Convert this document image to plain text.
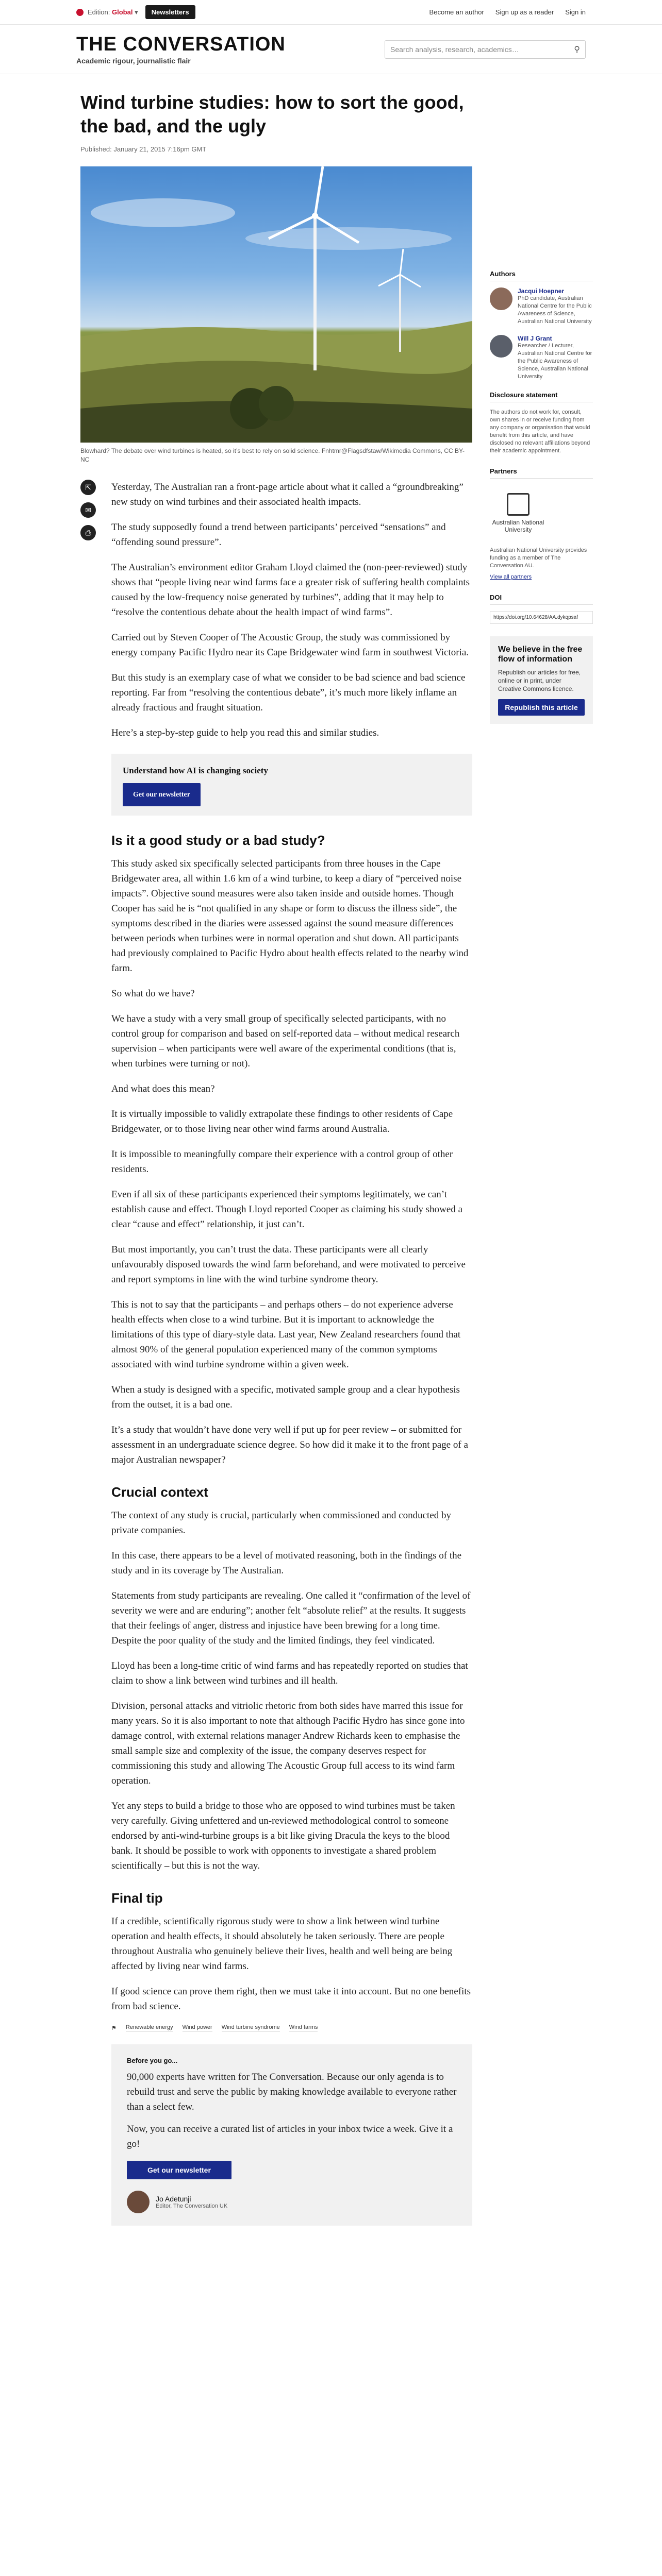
Edition: Global ▾	Newsletters	Become an author Sign up as a reader Sign in
THE CONVERSATION
Academic rigour, journalistic flair
Search analysis, research, academics…	⚲
Wind turbine studies: how to sort the good, the bad, and the ugly
Published: January 21, 2015 7:16pm GMT
Blowhard? The debate over wind turbines is heated, so it’s best to rely on solid science. Fnhtmr@Flagsdfstaw/Wikimedia Commons, CC BY-NC
⇱
✉
⎙

Yesterday, The Australian ran a front-page article about what it called a “groundbreaking” new study on wind turbines and their associated health impacts.

The study supposedly found a trend between participants’ perceived “sensations” and “offending sound pressure”.

The Australian’s environment editor Graham Lloyd claimed the (non-peer-reviewed) study shows that “people living near wind farms face a greater risk of suffering health complaints caused by the low-frequency noise generated by turbines”, adding that it may help to “resolve the contentious debate about the health impact of wind farms”.

Carried out by Steven Cooper of The Acoustic Group, the study was commissioned by energy company Pacific Hydro near its Cape Bridgewater wind farm in southwest Victoria.

But this study is an exemplary case of what we consider to be bad science and bad science reporting. Far from “resolving the contentious debate”, it’s much more likely inflame an already fractious and fraught situation.

Here’s a step-by-step guide to help you read this and similar studies.

Understand how AI is changing society
Get our newsletter
Is it a good study or a bad study?

This study asked six specifically selected participants from three houses in the Cape Bridgewater area, all within 1.6 km of a wind turbine, to keep a diary of “perceived noise impacts”. Objective sound measures were also taken inside and outside homes. Though Cooper has said he is “not qualified in any shape or form to discuss the illness side”, the symptoms described in the diaries were assessed against the sound measure differences between periods when turbines were in normal operation and shut down. All participants had previously complained to Pacific Hydro about health effects related to the nearby wind farm.

So what do we have?

We have a study with a very small group of specifically selected participants, with no control group for comparison and based on self-reported data – without medical research supervision – when participants were well aware of the experimental conditions (that is, when turbines were turning or not).

And what does this mean?

It is virtually impossible to validly extrapolate these findings to other residents of Cape Bridgewater, or to those living near other wind farms around Australia.

It is impossible to meaningfully compare their experience with a control group of other residents.

Even if all six of these participants experienced their symptoms legitimately, we can’t establish cause and effect. Though Lloyd reported Cooper as claiming his study showed a clear “cause and effect” relationship, it just can’t.

But most importantly, you can’t trust the data. These participants were all clearly unfavourably disposed towards the wind farm beforehand, and were motivated to perceive and report symptoms in line with the wind turbine syndrome theory.

This is not to say that the participants – and perhaps others – do not experience adverse health effects when close to a wind turbine. But it is important to acknowledge the limitations of this type of diary-style data. Last year, New Zealand researchers found that almost 90% of the general population experienced many of the common symptoms associated with wind turbine syndrome within a given week.

When a study is designed with a specific, motivated sample group and a clear hypothesis from the outset, it is a bad one.

It’s a study that wouldn’t have done very well if put up for peer review – or submitted for assessment in an undergraduate science degree. So how did it make it to the front page of a major Australian newspaper?

Crucial context

The context of any study is crucial, particularly when commissioned and conducted by private companies.

In this case, there appears to be a level of motivated reasoning, both in the findings of the study and in its coverage by The Australian.

Statements from study participants are revealing. One called it “confirmation of the level of severity we were and are enduring”; another felt “absolute relief” at the results. It suggests that their feelings of anger, distress and injustice have been brewing for a long time. Despite the poor quality of the study and the limited findings, they feel vindicated.

Lloyd has been a long-time critic of wind farms and has repeatedly reported on studies that claim to show a link between wind turbines and ill health.

Division, personal attacks and vitriolic rhetoric from both sides have marred this issue for many years. So it is also important to note that although Pacific Hydro has since gone into damage control, with external relations manager Andrew Richards keen to emphasise the small sample size and complexity of the issue, the company deserves respect for commissioning this study and allowing The Acoustic Group full access to its wind farm operation.

Yet any steps to build a bridge to those who are opposed to wind turbines must be taken very carefully. Giving unfettered and un-reviewed methodological control to someone endorsed by anti-wind-turbine groups is a bit like giving Dracula the keys to the blood bank. It should be possible to work with opponents to investigate a shared problem scientifically – but this is not the way.

Final tip

If a credible, scientifically rigorous study were to show a link between wind turbine operation and health effects, it should absolutely be taken seriously. There are people throughout Australia who genuinely believe their lives, health and well being are being affected by living near wind farms.

If good science can prove them right, then we must take it into account. But no one benefits from bad science.

⚑ Renewable energy Wind power Wind turbine syndrome Wind farms
Before you go...

90,000 experts have written for The Conversation. Because our only agenda is to rebuild trust and serve the public by making knowledge available to everyone rather than a select few.

Now, you can receive a curated list of articles in your inbox twice a week. Give it a go!

Get our newsletter
Jo Adetunji
Editor, The Conversation UK
Authors
Jacqui Hoepner
PhD candidate, Australian National Centre for the Public Awareness of Science, Australian National University
Will J Grant
Researcher / Lecturer, Australian National Centre for the Public Awareness of Science, Australian National University
Disclosure statement

The authors do not work for, consult, own shares in or receive funding from any company or organisation that would benefit from this article, and have disclosed no relevant affiliations beyond their academic appointment.

Partners
Australian National University

Australian National University provides funding as a member of The Conversation AU.

View all partners
DOI
https://doi.org/10.64628/AA.dykqpsaf
We believe in the free flow of information

Republish our articles for free, online or in print, under Creative Commons licence.

Republish this article
